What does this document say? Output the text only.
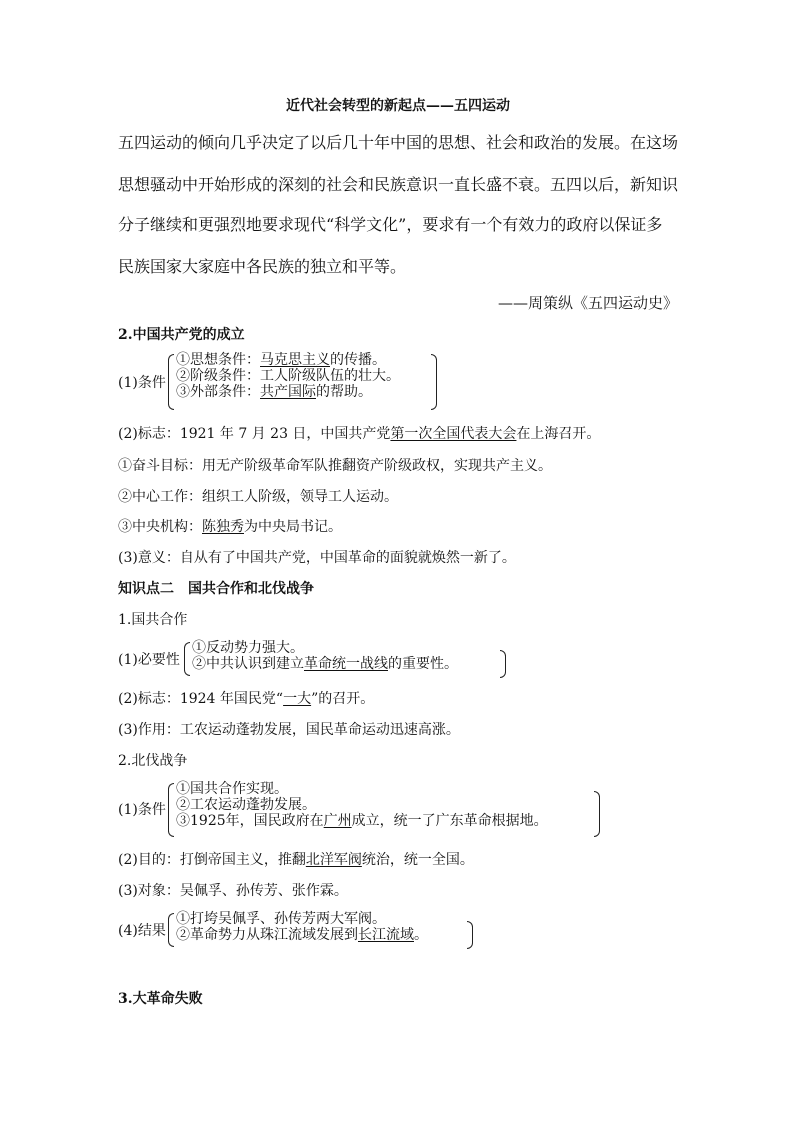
近代社会转型的新起点——五四运动
五四运动的倾向几乎决定了以后几十年中国的思想、社会和政治的发展。在这场
思想骚动中开始形成的深刻的社会和民族意识一直长盛不衰。五四以后，新知识
分子继续和更强烈地要求现代“科学文化”，要求有一个有效力的政府以保证多
民族国家大家庭中各民族的独立和平等。
——周策纵《五四运动史》
2.中国共产党的成立
(1)条件
①思想条件：马克思主义的传播。
②阶级条件：工人阶级队伍的壮大。
③外部条件：共产国际的帮助。
(2)标志：1921 年 7 月 23 日，中国共产党第一次全国代表大会在上海召开。
①奋斗目标：用无产阶级革命军队推翻资产阶级政权，实现共产主义。
②中心工作：组织工人阶级，领导工人运动。
③中央机构：陈独秀为中央局书记。
(3)意义：自从有了中国共产党，中国革命的面貌就焕然一新了。
知识点二　国共合作和北伐战争
1.国共合作
(1)必要性
①反动势力强大。
②中共认识到建立革命统一战线的重要性。
(2)标志：1924 年国民党“一大”的召开。
(3)作用：工农运动蓬勃发展，国民革命运动迅速高涨。
2.北伐战争
(1)条件
①国共合作实现。
②工农运动蓬勃发展。
③1925年，国民政府在广州成立，统一了广东革命根据地。
(2)目的：打倒帝国主义，推翻北洋军阀统治，统一全国。
(3)对象：吴佩孚、孙传芳、张作霖。
(4)结果
①打垮吴佩孚、孙传芳两大军阀。
②革命势力从珠江流域发展到长江流域。
3.大革命失败
